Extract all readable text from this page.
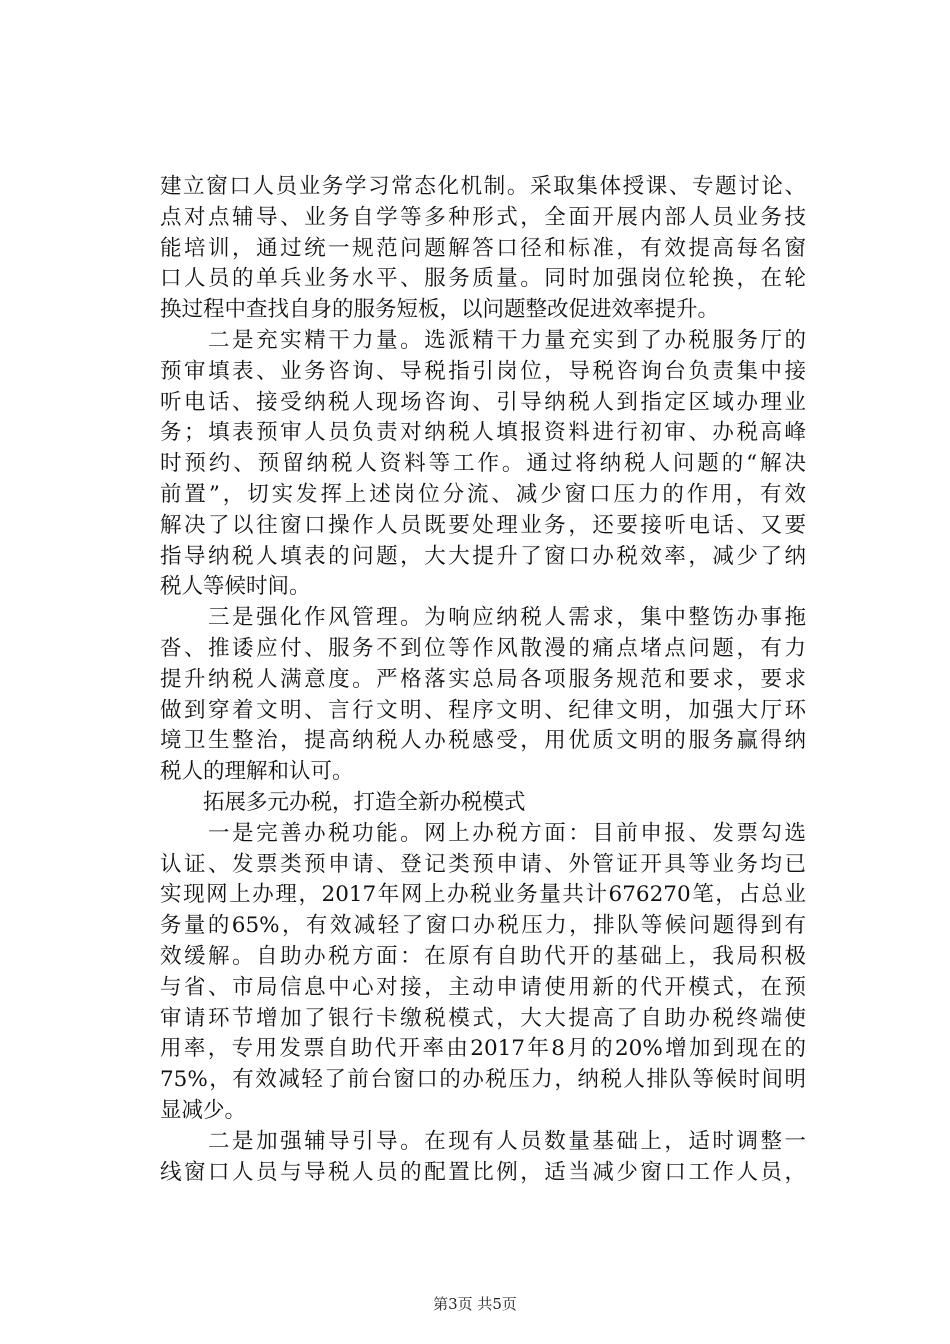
建立窗口人员业务学习常态化机制。采取集体授课、专题讨论、
点对点辅导、业务自学等多种形式，全面开展内部人员业务技
能培训，通过统一规范问题解答口径和标准，有效提高每名窗
口人员的单兵业务水平、服务质量。同时加强岗位轮换，在轮
换过程中查找自身的服务短板，以问题整改促进效率提升。
　　二是充实精干力量。选派精干力量充实到了办税服务厅的
预审填表、业务咨询、导税指引岗位，导税咨询台负责集中接
听电话、接受纳税人现场咨询、引导纳税人到指定区域办理业
务；填表预审人员负责对纳税人填报资料进行初审、办税高峰
时预约、预留纳税人资料等工作。通过将纳税人问题的“解决
前置”，切实发挥上述岗位分流、减少窗口压力的作用，有效
解决了以往窗口操作人员既要处理业务，还要接听电话、又要
指导纳税人填表的问题，大大提升了窗口办税效率，减少了纳
税人等候时间。
　　三是强化作风管理。为响应纳税人需求，集中整饬办事拖
沓、推诿应付、服务不到位等作风散漫的痛点堵点问题，有力
提升纳税人满意度。严格落实总局各项服务规范和要求，要求
做到穿着文明、言行文明、程序文明、纪律文明，加强大厅环
境卫生整治，提高纳税人办税感受，用优质文明的服务赢得纳
税人的理解和认可。
　　拓展多元办税，打造全新办税模式
　　一是完善办税功能。网上办税方面：目前申报、发票勾选
认证、发票类预申请、登记类预申请、外管证开具等业务均已
实现网上办理，2017年网上办税业务量共计676270笔，占总业
务量的65%，有效减轻了窗口办税压力，排队等候问题得到有
效缓解。自助办税方面：在原有自助代开的基础上，我局积极
与省、市局信息中心对接，主动申请使用新的代开模式，在预
审请环节增加了银行卡缴税模式，大大提高了自助办税终端使
用率，专用发票自助代开率由2017年8月的20%增加到现在的
75%，有效减轻了前台窗口的办税压力，纳税人排队等候时间明
显减少。
　　二是加强辅导引导。在现有人员数量基础上，适时调整一
线窗口人员与导税人员的配置比例，适当减少窗口工作人员，
第3页 共5页
